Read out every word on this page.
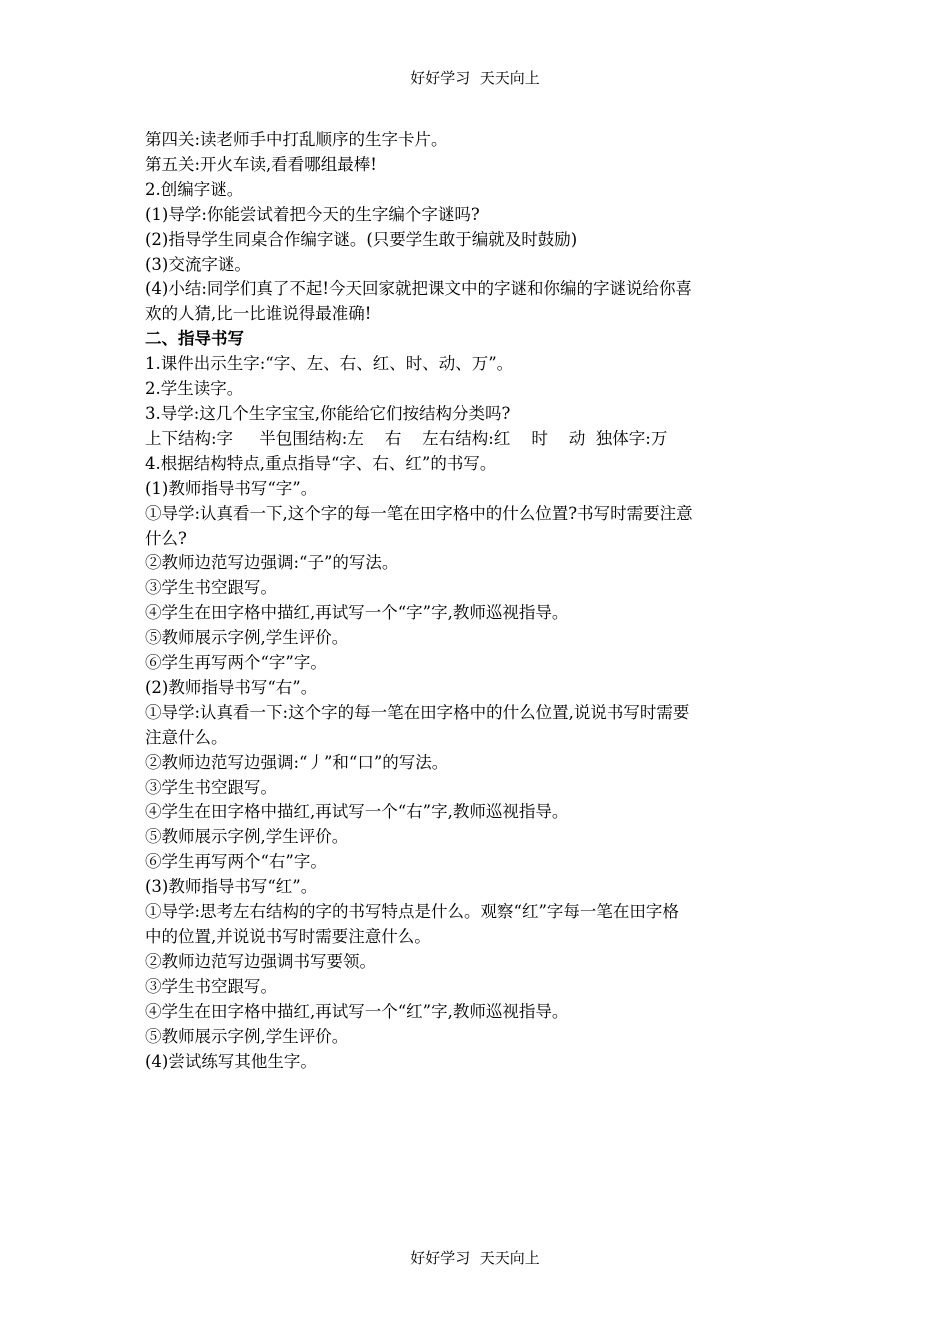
好好学习  天天向上
第四关:读老师手中打乱顺序的生字卡片。
第五关:开火车读,看看哪组最棒!
2.创编字谜。
(1)导学:你能尝试着把今天的生字编个字谜吗?
(2)指导学生同桌合作编字谜。(只要学生敢于编就及时鼓励)
(3)交流字谜。
(4)小结:同学们真了不起!今天回家就把课文中的字谜和你编的字谜说给你喜
欢的人猜,比一比谁说得最准确!
二、指导书写
1.课件出示生字:“字、左、右、红、时、动、万”。
2.学生读字。
3.导学:这几个生字宝宝,你能给它们按结构分类吗?
上下结构:字     半包围结构:左    右    左右结构:红    时    动  独体字:万
4.根据结构特点,重点指导“字、右、红”的书写。
(1)教师指导书写“字”。
①导学:认真看一下,这个字的每一笔在田字格中的什么位置?书写时需要注意
什么?
②教师边范写边强调:“子”的写法。
③学生书空跟写。
④学生在田字格中描红,再试写一个“字”字,教师巡视指导。
⑤教师展示字例,学生评价。
⑥学生再写两个“字”字。
(2)教师指导书写“右”。
①导学:认真看一下:这个字的每一笔在田字格中的什么位置,说说书写时需要
注意什么。
②教师边范写边强调:“丿”和“口”的写法。
③学生书空跟写。
④学生在田字格中描红,再试写一个“右”字,教师巡视指导。
⑤教师展示字例,学生评价。
⑥学生再写两个“右”字。
(3)教师指导书写“红”。
①导学:思考左右结构的字的书写特点是什么。观察“红”字每一笔在田字格
中的位置,并说说书写时需要注意什么。
②教师边范写边强调书写要领。
③学生书空跟写。
④学生在田字格中描红,再试写一个“红”字,教师巡视指导。
⑤教师展示字例,学生评价。
(4)尝试练写其他生字。
好好学习  天天向上
